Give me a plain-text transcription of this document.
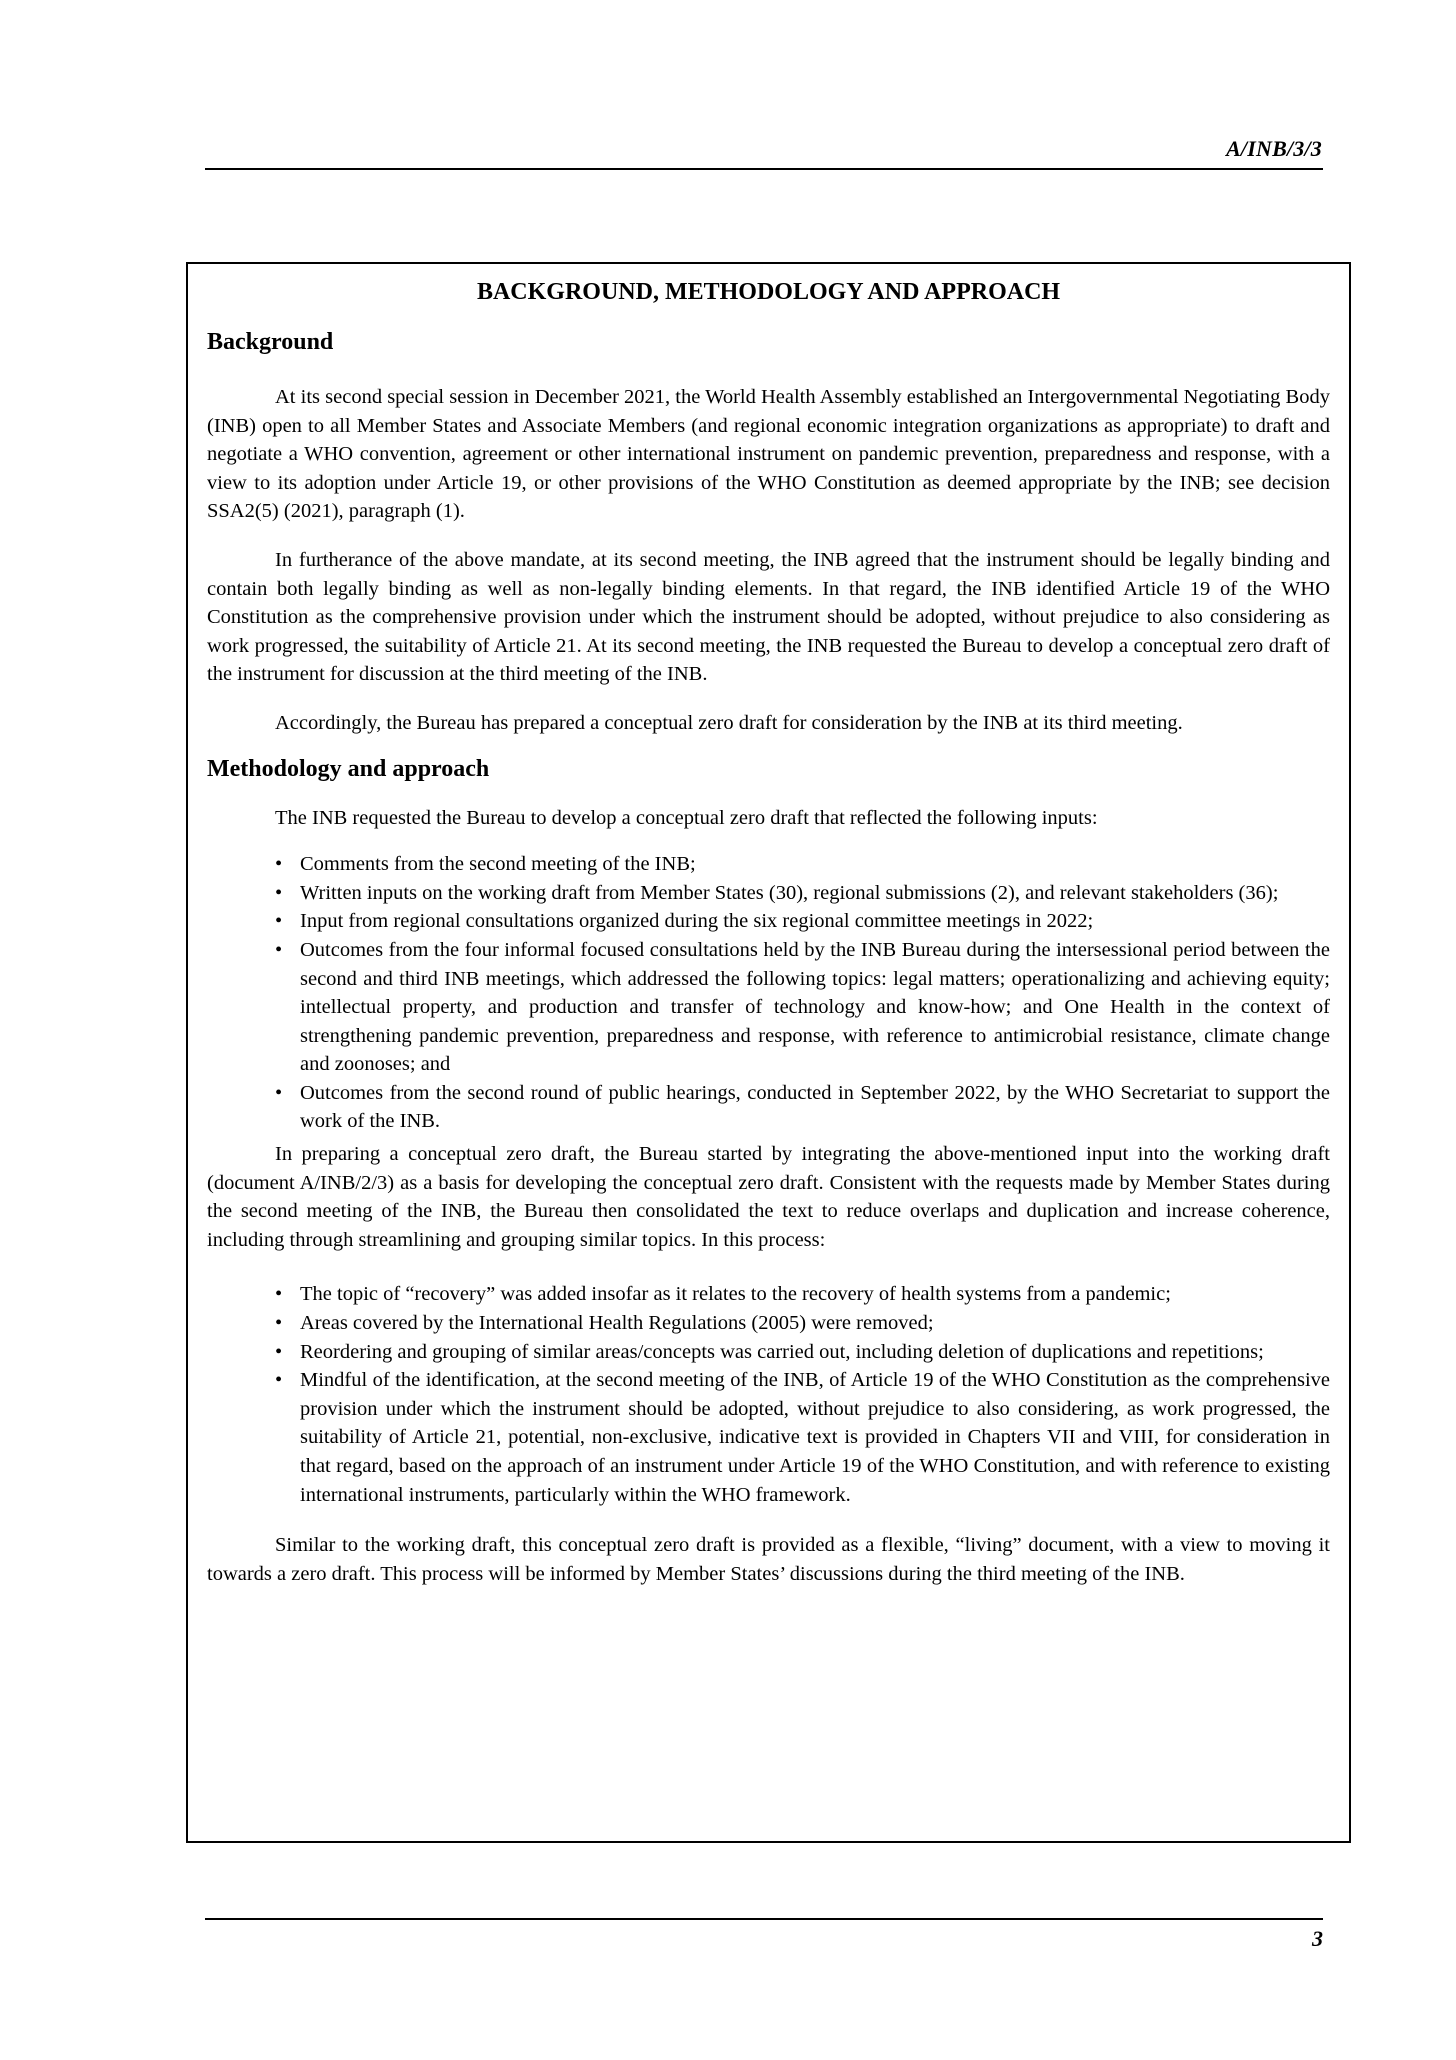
A/INB/3/3
BACKGROUND, METHODOLOGY AND APPROACH
Background

At its second special session in December 2021, the World Health Assembly established an Intergovernmental Negotiating Body (INB) open to all Member States and Associate Members (and regional economic integration organizations as appropriate) to draft and negotiate a WHO convention, agreement or other international instrument on pandemic prevention, preparedness and response, with a view to its adoption under Article 19, or other provisions of the WHO Constitution as deemed appropriate by the INB; see decision SSA2(5) (2021), paragraph (1).

In furtherance of the above mandate, at its second meeting, the INB agreed that the instrument should be legally binding and contain both legally binding as well as non-legally binding elements. In that regard, the INB identified Article 19 of the WHO Constitution as the comprehensive provision under which the instrument should be adopted, without prejudice to also considering as work progressed, the suitability of Article 21. At its second meeting, the INB requested the Bureau to develop a conceptual zero draft of the instrument for discussion at the third meeting of the INB.

Accordingly, the Bureau has prepared a conceptual zero draft for consideration by the INB at its third meeting.

Methodology and approach

The INB requested the Bureau to develop a conceptual zero draft that reflected the following inputs:

• Comments from the second meeting of the INB;
• Written inputs on the working draft from Member States (30), regional submissions (2), and relevant stakeholders (36);
• Input from regional consultations organized during the six regional committee meetings in 2022;
• Outcomes from the four informal focused consultations held by the INB Bureau during the intersessional period between the second and third INB meetings, which addressed the following topics: legal matters; operationalizing and achieving equity; intellectual property, and production and transfer of technology and know-how; and One Health in the context of strengthening pandemic prevention, preparedness and response, with reference to antimicrobial resistance, climate change and zoonoses; and
• Outcomes from the second round of public hearings, conducted in September 2022, by the WHO Secretariat to support the work of the INB.

In preparing a conceptual zero draft, the Bureau started by integrating the above-mentioned input into the working draft (document A/INB/2/3) as a basis for developing the conceptual zero draft. Consistent with the requests made by Member States during the second meeting of the INB, the Bureau then consolidated the text to reduce overlaps and duplication and increase coherence, including through streamlining and grouping similar topics. In this process:

• The topic of “recovery” was added insofar as it relates to the recovery of health systems from a pandemic;
• Areas covered by the International Health Regulations (2005) were removed;
• Reordering and grouping of similar areas/concepts was carried out, including deletion of duplications and repetitions;
• Mindful of the identification, at the second meeting of the INB, of Article 19 of the WHO Constitution as the comprehensive provision under which the instrument should be adopted, without prejudice to also considering, as work progressed, the suitability of Article 21, potential, non-exclusive, indicative text is provided in Chapters VII and VIII, for consideration in that regard, based on the approach of an instrument under Article 19 of the WHO Constitution, and with reference to existing international instruments, particularly within the WHO framework.

Similar to the working draft, this conceptual zero draft is provided as a flexible, “living” document, with a view to moving it towards a zero draft. This process will be informed by Member States’ discussions during the third meeting of the INB.

3
